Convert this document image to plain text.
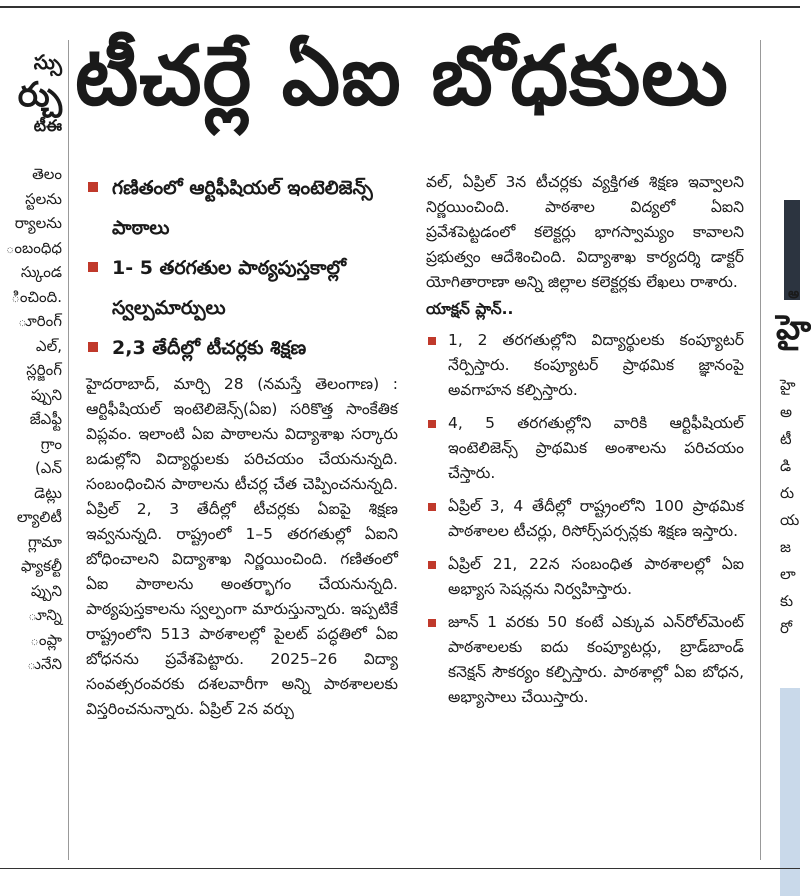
స్సు
ర్చు
టీఈ
తెలం
స్టలను
ర్యాలను
ంబంధిధ
స్కుండ
ించింది.
ూరింగ్
ఎల్,
స్లర్జింగ్
ప్పుని
జేఎఫ్టీ
గ్రాం
(ఎన్
డెట్లు
ల్యాలిటీ
గ్లామా
ఫ్యాకల్టీ
ప్పుని
ూన్ని
ంప్లా
ునేని
టీచర్లే ఏఐ బోధకులు
గణితంలో ఆర్టిఫీషియల్ ఇంటెలిజెన్స్ పాఠాలు
1- 5 తరగతుల పాఠ్యపుస్తకాల్లో స్వల్పమార్పులు
2,3 తేదీల్లో టీచర్లకు శిక్షణ
హైదరాబాద్, మార్చి 28 (నమస్తే తెలంగాణ) : ఆర్టిఫీషియల్ ఇంటెలిజెన్స్(ఏఐ) సరికొత్త సాంకేతిక విప్లవం. ఇలాంటి ఏఐ పాఠాలను విద్యాశాఖ సర్కారు బడుల్లోని విద్యార్థులకు పరిచయం చేయనున్నది. సంబంధించిన పాఠాలను టీచర్ల చేత చెప్పించనున్నది. ఏప్రిల్ 2, 3 తేదీల్లో టీచర్లకు ఏఐపై శిక్షణ ఇవ్వనున్నది. రాష్ట్రంలో 1–5 తరగతుల్లో ఏఐని బోధించాలని విద్యాశాఖ నిర్ణయించింది. గణితంలో ఏఐ పాఠాలను అంతర్భాగం చేయనున్నది. పాఠ్యపుస్తకాలను స్వల్పంగా మారుస్తున్నారు. ఇప్పటికే రాష్ట్రంలోని 513 పాఠశాలల్లో పైలట్ పద్ధతిలో ఏఐ బోధనను ప్రవేశపెట్టారు. 2025–26 విద్యా సంవత్సరంవరకు దశలవారీగా అన్ని పాఠశాలలకు విస్తరించనున్నారు. ఏప్రిల్ 2న వర్చు
వల్, ఏప్రిల్ 3న టీచర్లకు వ్యక్తిగత శిక్షణ ఇవ్వాలని నిర్ణయించింది. పాఠశాల విద్యలో ఏఐని ప్రవేశపెట్టడంలో కలెక్టర్లు భాగస్వామ్యం కావాలని ప్రభుత్వం ఆదేశించింది. విద్యాశాఖ కార్యదర్శి డాక్టర్ యోగితారాణా అన్ని జిల్లాల కలెక్టర్లకు లేఖలు రాశారు.
యాక్షన్ ప్లాన్..
1, 2 తరగతుల్లోని విద్యార్థులకు కంప్యూటర్ నేర్పిస్తారు. కంప్యూటర్ ప్రాథమిక జ్ఞానంపై అవగాహన కల్పిస్తారు.
4, 5 తరగతుల్లోని వారికి ఆర్టిఫీషియల్ ఇంటెలిజెన్స్ ప్రాథమిక అంశాలను పరిచయం చేస్తారు.
ఏప్రిల్ 3, 4 తేదీల్లో రాష్ట్రంలోని 100 ప్రాథమిక పాఠశాలల టీచర్లు, రిసోర్స్‌పర్సన్లకు శిక్షణ ఇస్తారు.
ఏప్రిల్ 21, 22న సంబంధిత పాఠశాలల్లో ఏఐ అభ్యాస సెషన్లను నిర్వహిస్తారు.
జూన్ 1 వరకు 50 కంటే ఎక్కువ ఎన్‌రోల్‌మెంట్ పాఠశాలలకు ఐదు కంప్యూటర్లు, బ్రాడ్‌బాండ్ కనెక్షన్ సౌకర్యం కల్పిస్తారు. పాఠశాల్లో ఏఐ బోధన, అభ్యాసాలు చేయిస్తారు.
అ
హై
హై
అ
టీ
డి
రు
య
జ
లా
కు
రో
